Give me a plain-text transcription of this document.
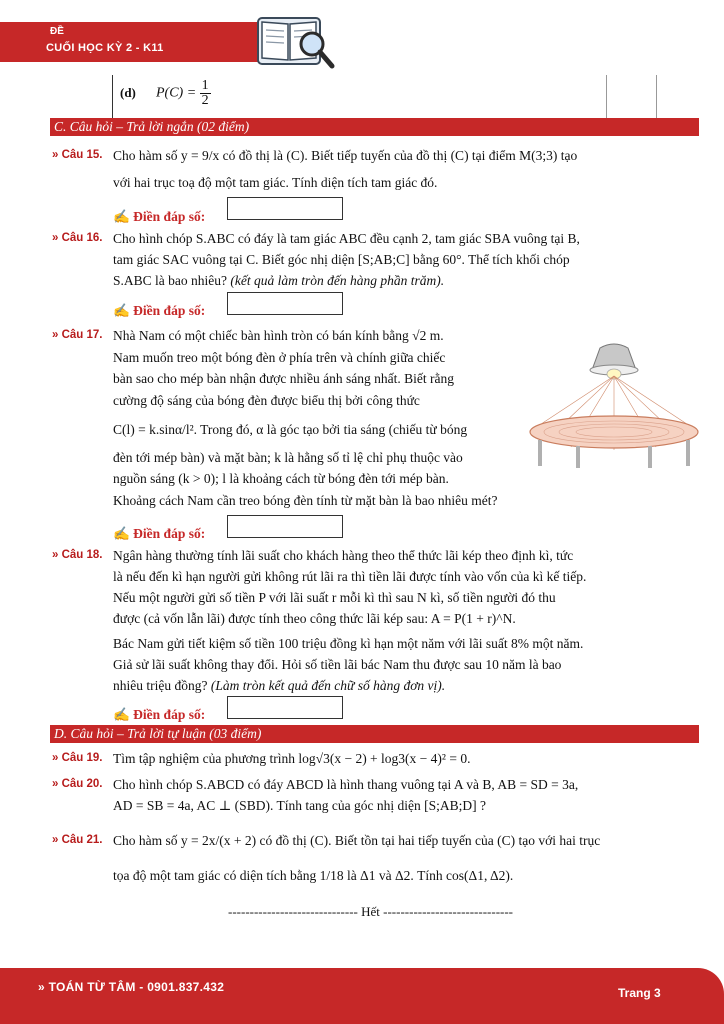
ĐỀ
CUỐI HỌC KỲ 2 - K11
(d) $P(C) = \frac{1}{2}$
C. Câu hỏi – Trả lời ngắn (02 điểm)
» Câu 15. Cho hàm số y = 9/x có đồ thị là (C). Biết tiếp tuyến của đồ thị (C) tại điểm M(3;3) tạo
với hai trục toạ độ một tam giác. Tính diện tích tam giác đó.
✍ Điền đáp số:
» Câu 16. Cho hình chóp S.ABC có đáy là tam giác ABC đều cạnh 2, tam giác SBA vuông tại B,
tam giác SAC vuông tại C. Biết góc nhị diện [S;AB;C] bằng 60°. Thể tích khối chóp
S.ABC là bao nhiêu? (kết quả làm tròn đến hàng phần trăm).
✍ Điền đáp số:
» Câu 17. Nhà Nam có một chiếc bàn hình tròn có bán kính bằng √2 m.
Nam muốn treo một bóng đèn ở phía trên và chính giữa chiếc
bàn sao cho mép bàn nhận được nhiều ánh sáng nhất. Biết rằng
cường độ sáng của bóng đèn được biểu thị bởi công thức
C(l) = k.sinα/l². Trong đó, α là góc tạo bởi tia sáng (chiếu từ bóng
đèn tới mép bàn) và mặt bàn; k là hằng số tỉ lệ chỉ phụ thuộc vào
nguồn sáng (k > 0); l là khoảng cách từ bóng đèn tới mép bàn.
Khoảng cách Nam cần treo bóng đèn tính từ mặt bàn là bao nhiêu mét?
✍ Điền đáp số:
» Câu 18. Ngân hàng thường tính lãi suất cho khách hàng theo thể thức lãi kép theo định kì, tức
là nếu đến kì hạn người gửi không rút lãi ra thì tiền lãi được tính vào vốn của kì kế tiếp.
Nếu một người gửi số tiền P với lãi suất r mỗi kì thì sau N kì, số tiền người đó thu
được (cả vốn lẫn lãi) được tính theo công thức lãi kép sau: A = P(1 + r)^N.
Bác Nam gửi tiết kiệm số tiền 100 triệu đồng kì hạn một năm với lãi suất 8% một năm.
Giả sử lãi suất không thay đổi. Hỏi số tiền lãi bác Nam thu được sau 10 năm là bao
nhiêu triệu đồng? (Làm tròn kết quả đến chữ số hàng đơn vị).
✍ Điền đáp số:
D. Câu hỏi – Trả lời tự luận (03 điểm)
» Câu 19. Tìm tập nghiệm của phương trình log√3(x − 2) + log3(x − 4)² = 0.
» Câu 20. Cho hình chóp S.ABCD có đáy ABCD là hình thang vuông tại A và B, AB = SD = 3a,
AD = SB = 4a, AC ⊥ (SBD). Tính tang của góc nhị diện [S;AB;D] ?
» Câu 21. Cho hàm số y = 2x/(x + 2) có đồ thị (C). Biết tồn tại hai tiếp tuyến của (C) tạo với hai trục
tọa độ một tam giác có diện tích bằng 1/18 là Δ1 và Δ2. Tính cos(Δ1, Δ2).
------------------------------ Hết ------------------------------
» TOÁN TỪ TÂM - 0901.837.432	Trang 3
